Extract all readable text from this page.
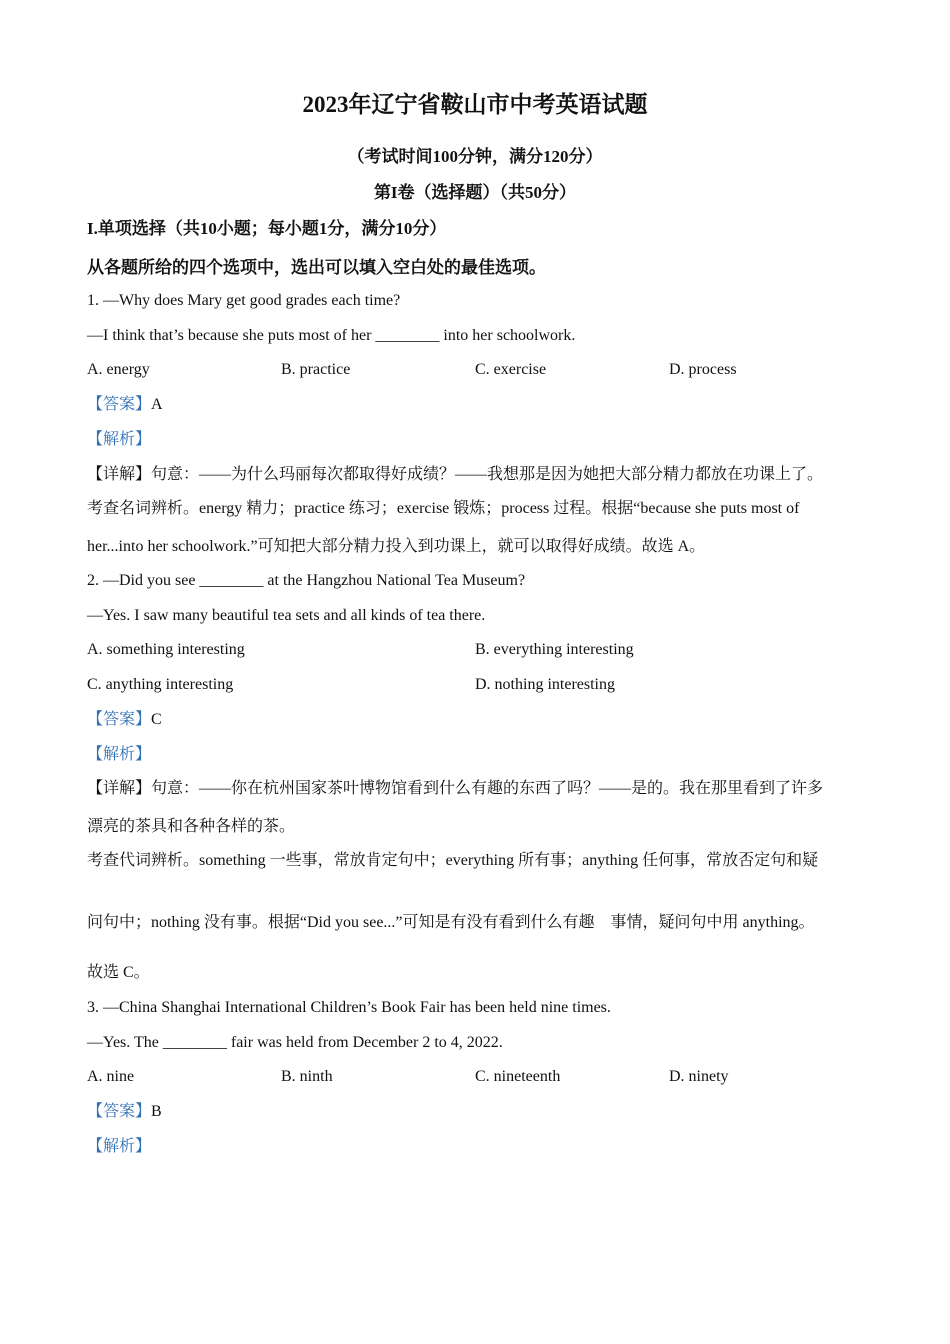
2023年辽宁省鞍山市中考英语试题
（考试时间100分钟，满分120分）
第I卷（选择题）（共50分）
I.单项选择（共10小题；每小题1分，满分10分）
从各题所给的四个选项中，选出可以填入空白处的最佳选项。
1. —Why does Mary get good grades each time?
—I think that’s because she puts most of her ________ into her schoolwork.
A. energy	B. practice	C. exercise	D. process
【答案】A
【解析】
【详解】句意：——为什么玛丽每次都取得好成绩？——我想那是因为她把大部分精力都放在功课上了。
考查名词辨析。energy 精力；practice 练习；exercise 锻炼；process 过程。根据“because she puts most of
her...into her schoolwork.”可知把大部分精力投入到功课上，就可以取得好成绩。故选 A。
2. —Did you see ________ at the Hangzhou National Tea Museum?
—Yes. I saw many beautiful tea sets and all kinds of tea there.
A. something interesting	B. everything interesting
C. anything interesting	D. nothing interesting
【答案】C
【解析】
【详解】句意：——你在杭州国家茶叶博物馆看到什么有趣的东西了吗？——是的。我在那里看到了许多
漂亮的茶具和各种各样的茶。
考查代词辨析。something 一些事，常放肯定句中；everything 所有事；anything 任何事，常放否定句和疑
问句中；nothing 没有事。根据“Did you see...”可知是有没有看到什么有趣　事情，疑问句中用 anything。
故选 C。
3. —China Shanghai International Children’s Book Fair has been held nine times.
—Yes. The ________ fair was held from December 2 to 4, 2022.
A. nine	B. ninth	C. nineteenth	D. ninety
【答案】B
【解析】
